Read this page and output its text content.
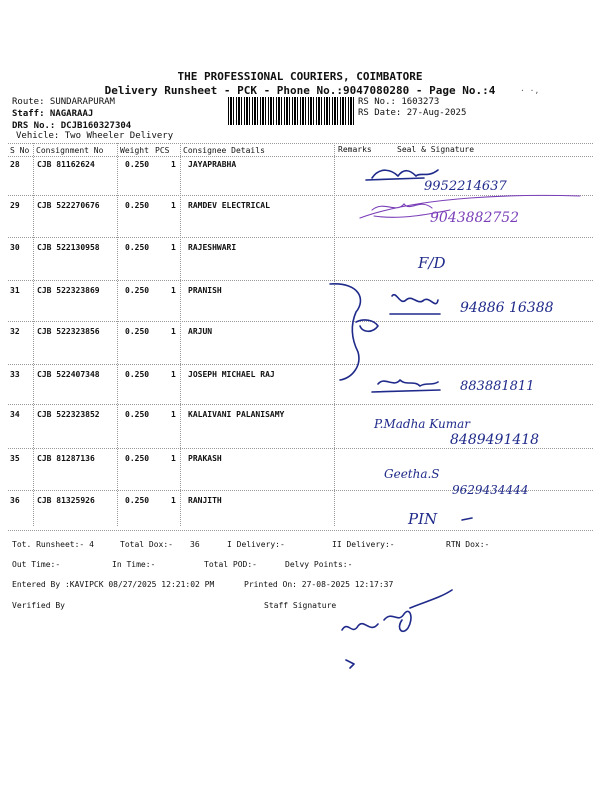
THE PROFESSIONAL COURIERS, COIMBATORE
Delivery Runsheet - PCK - Phone No.:9047080280 - Page No.:4	· ·,
Route: SUNDARAPURAM
Staff: NAGARAAJ
DRS No.: DCJB160327304
Vehicle: Two Wheeler Delivery
RS No.: 1603273
RS Date: 27-Aug-2025
S No Consignment No Weight PCS Consignee Details	Remarks	Seal & Signature
28 CJB 81162624	0.250	1 JAYAPRABHA
29 CJB 522270676	0.250	1 RAMDEV ELECTRICAL
30 CJB 522130958	0.250	1 RAJESHWARI
31 CJB 522323869	0.250	1 PRANISH
32 CJB 522323856	0.250	1 ARJUN
33 CJB 522407348	0.250	1 JOSEPH MICHAEL RAJ
34 CJB 522323852	0.250	1 KALAIVANI PALANISAMY
35 CJB 81287136	0.250	1 PRAKASH
36 CJB 81325926	0.250	1 RANJITH
Tot. Runsheet:- 4	Total Dox:- 36	I Delivery:-	II Delivery:-	RTN Dox:-
Out Time:-	In Time:-	Total POD:-	Delvy Points:-
Entered By :KAVIPCK 08/27/2025 12:21:02 PM	Printed On: 27-08-2025 12:17:37
Verified By	Staff Signature
9952214637
9043882752
F/D
94886 16388
883881811
P.Madha Kumar
8489491418
Geetha.S
9629434444
PIN
